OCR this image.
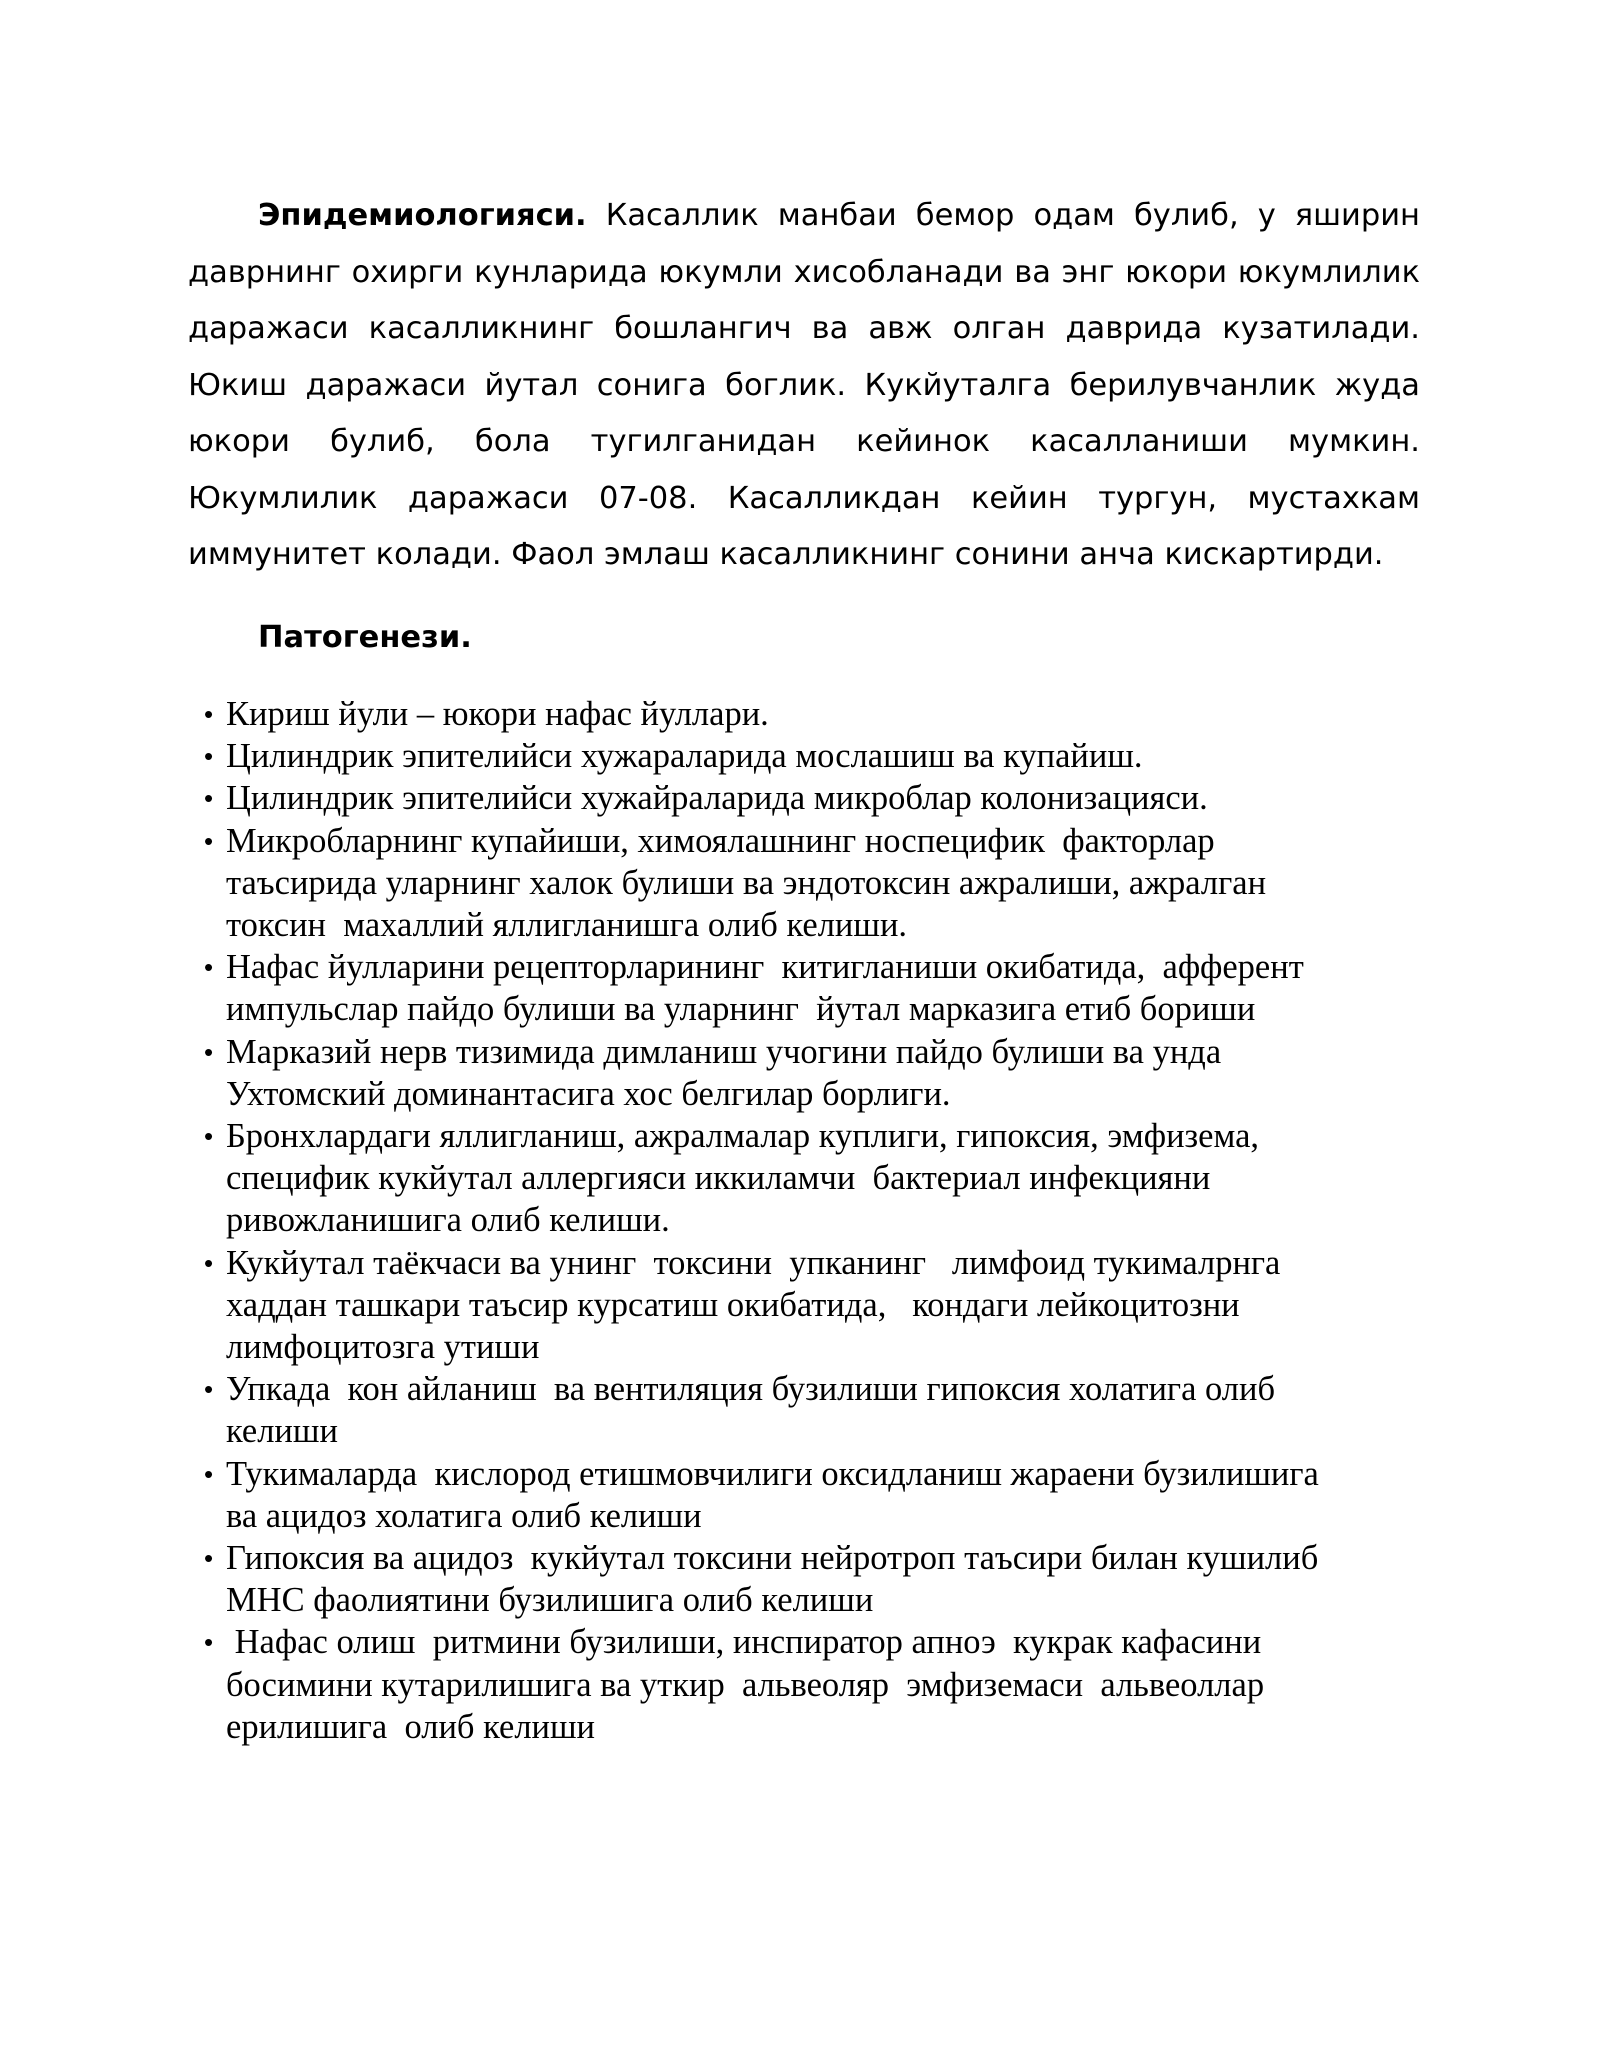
Эпидемиологияси. Касаллик манбаи бемор одам булиб, у яширин даврнинг охирги кунларида юкумли хисобланади ва энг юкори юкумлилик даражаси касалликнинг бошлангич ва авж олган даврида кузатилади. Юкиш даражаси йутал сонига боглик. Кукйуталга берилувчанлик жуда юкори булиб, бола тугилганидан кейинок касалланиши мумкин. Юкумлилик даражаси 07-08. Касалликдан кейин тургун, мустахкам иммунитет колади. Фаол эмлаш касалликнинг сонини анча кискартирди.

Патогенези.
• Кириш йули – юкори нафас йуллари.
• Цилиндрик эпителийси хужараларида мослашиш ва купайиш.
• Цилиндрик эпителийси хужайраларида микроблар колонизацияси.
• Микробларнинг купайиши, химоялашнинг носпецифик  факторлар
таъсирида уларнинг халок булиши ва эндотоксин ажралиши, ажралган
токсин  махаллий яллигланишга олиб келиши.
• Нафас йулларини рецепторларининг  китигланиши окибатида,  афферент
импульслар пайдо булиши ва уларнинг  йутал марказига етиб бориши
• Марказий нерв тизимида димланиш учогини пайдо булиши ва унда
Ухтомский доминантасига хос белгилар борлиги.
• Бронхлардаги яллигланиш, ажралмалар куплиги, гипоксия, эмфизема,
специфик кукйутал аллергияси иккиламчи  бактериал инфекцияни
ривожланишига олиб келиши.
• Кукйутал таёкчаси ва унинг  токсини  упканинг   лимфоид тукималрнга
хаддан ташкари таъсир курсатиш окибатида,   кондаги лейкоцитозни
лимфоцитозга утиши
• Упкада  кон айланиш  ва вентиляция бузилиши гипоксия холатига олиб
келиши
• Тукималарда  кислород етишмовчилиги оксидланиш жараени бузилишига
ва ацидоз холатига олиб келиши
• Гипоксия ва ацидоз  кукйутал токсини нейротроп таъсири билан кушилиб
МНС фаолиятини бузилишига олиб келиши
• Нафас олиш  ритмини бузилиши, инспиратор апноэ  кукрак кафасини
босимини кутарилишига ва уткир  альвеоляр  эмфиземаси  альвеоллар
ерилишига  олиб келиши
